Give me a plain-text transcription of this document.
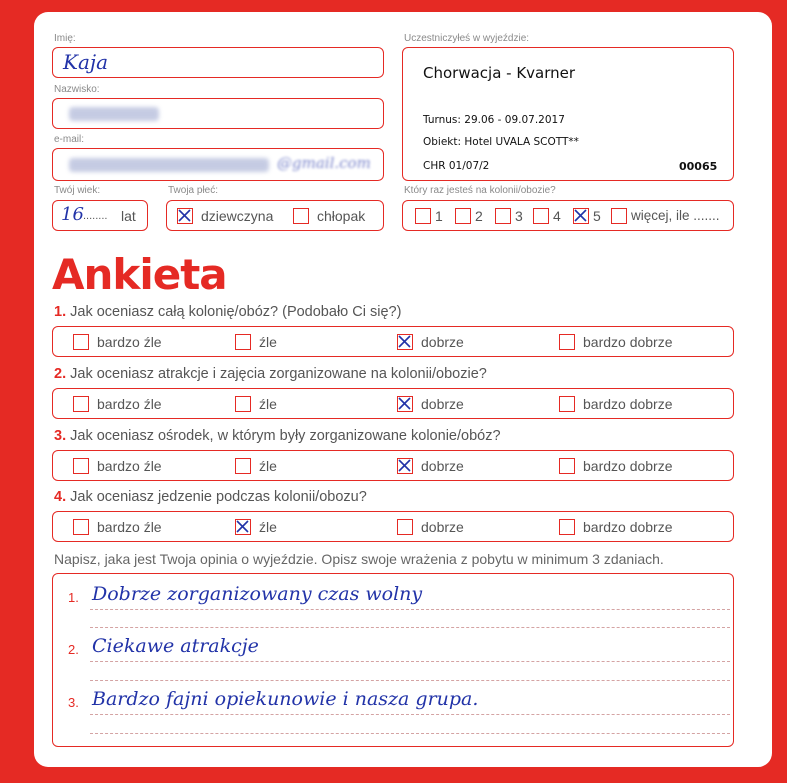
Imię:
Kaja
Nazwisko:
e-mail:
@gmail.com
Twój wiek:
16 ........ lat
Twoja płeć:
dziewczyna	chłopak
Uczestniczyłeś w wyjeździe:
Chorwacja - Kvarner
Turnus: 29.06 - 09.07.2017
Obiekt: Hotel UVALA SCOTT**
CHR 01/07/2	00065
Który raz jesteś na kolonii/obozie?
1 2 3 4 5 więcej, ile .......
Ankieta
1. Jak oceniasz całą kolonię/obóz? (Podobało Ci się?)
bardzo źle	źle	dobrze	bardzo dobrze
2. Jak oceniasz atrakcje i zajęcia zorganizowane na kolonii/obozie?
bardzo źle	źle	dobrze	bardzo dobrze
3. Jak oceniasz ośrodek, w którym były zorganizowane kolonie/obóz?
bardzo źle	źle	dobrze	bardzo dobrze
4. Jak oceniasz jedzenie podczas kolonii/obozu?
bardzo źle	źle	dobrze	bardzo dobrze
Napisz, jaka jest Twoja opinia o wyjeździe. Opisz swoje wrażenia z pobytu w minimum 3 zdaniach.
1. Dobrze zorganizowany czas wolny
2. Ciekawe atrakcje
3. Bardzo fajni opiekunowie i nasza grupa.
